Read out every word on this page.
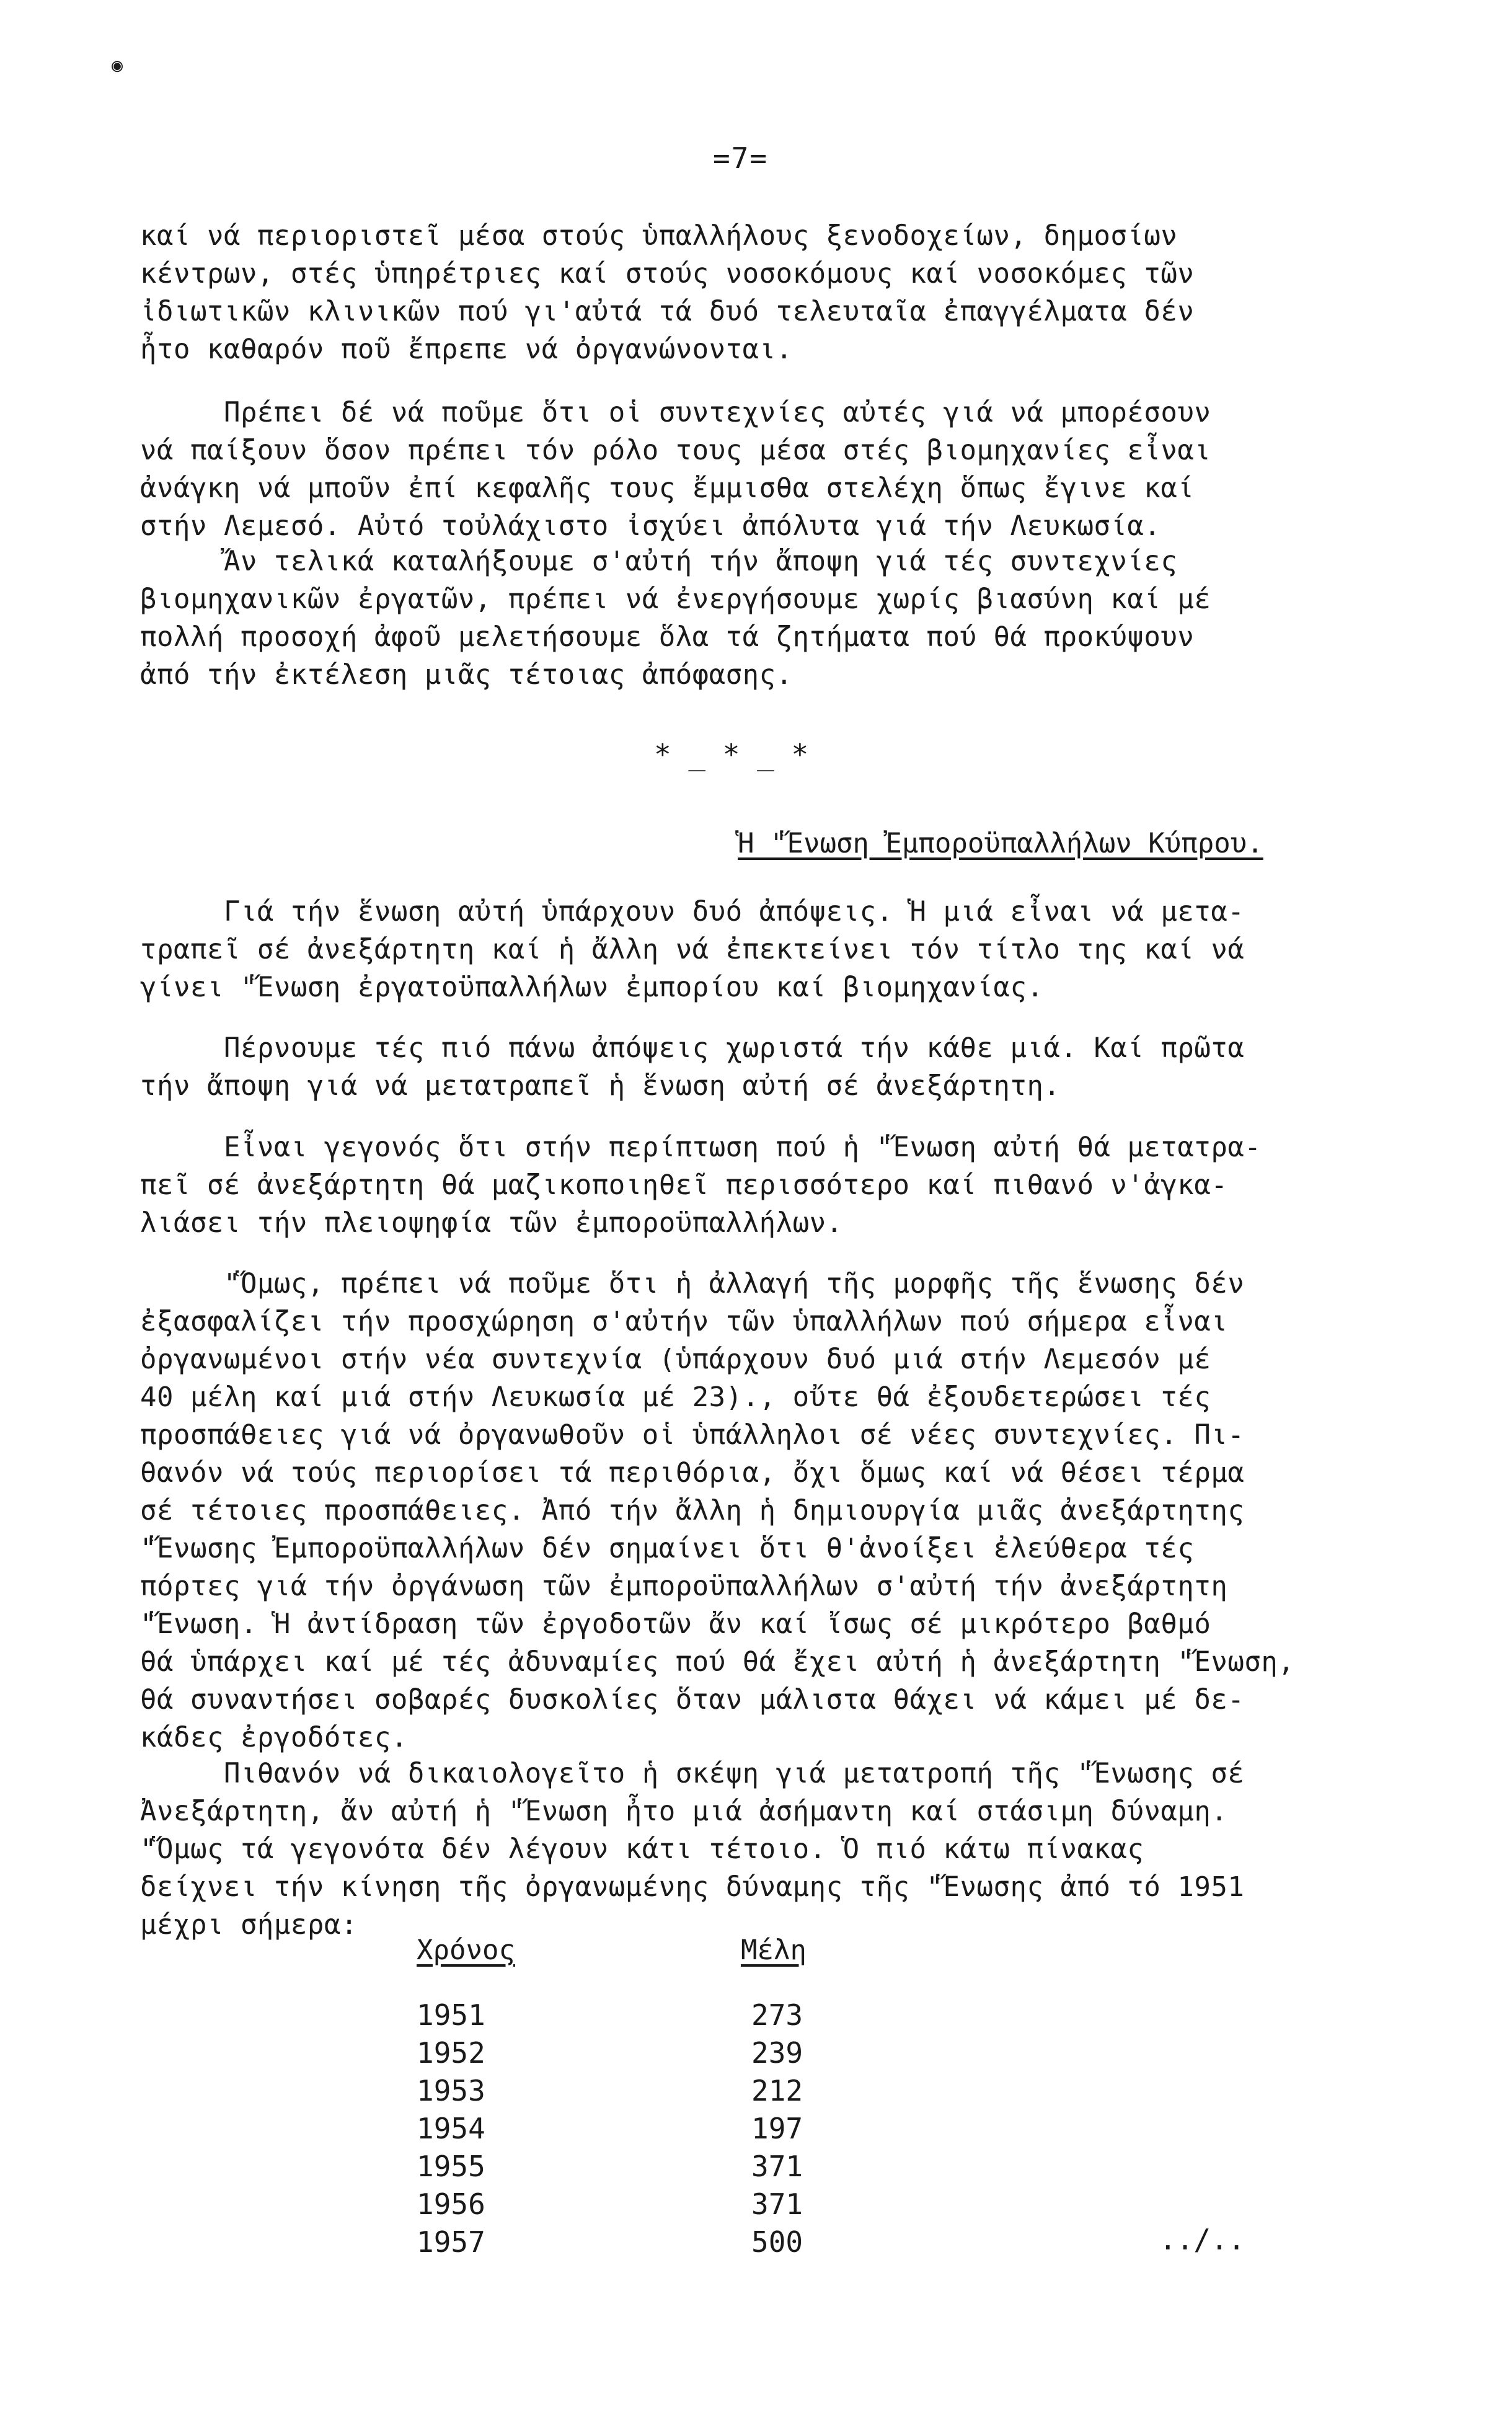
◉
=7=
καί νά περιοριστεῖ μέσα στούς ὑπαλλήλους ξενοδοχείων, δημοσίων
κέντρων, στές ὑπηρέτριες καί στούς νοσοκόμους καί νοσοκόμες τῶν
ἰδιωτικῶν κλινικῶν πού γι'αὐτά τά δυό τελευταῖα ἐπαγγέλματα δέν
ἦτο καθαρόν ποῦ ἔπρεπε νά ὀργανώνονται.
Πρέπει δέ νά ποῦμε ὅτι οἱ συντεχνίες αὐτές γιά νά μπορέσουν
νά παίξουν ὅσον πρέπει τόν ρόλο τους μέσα στές βιομηχανίες εἶναι
ἀνάγκη νά μποῦν ἐπί κεφαλῆς τους ἔμμισθα στελέχη ὅπως ἔγινε καί
στήν Λεμεσό. Αὐτό τοὐλάχιστο ἰσχύει ἀπόλυτα γιά τήν Λευκωσία.
Ἄν τελικά καταλήξουμε σ'αὐτή τήν ἄποψη γιά τές συντεχνίες
βιομηχανικῶν ἐργατῶν, πρέπει νά ἐνεργήσουμε χωρίς βιασύνη καί μέ
πολλή προσοχή ἀφοῦ μελετήσουμε ὅλα τά ζητήματα πού θά προκύψουν
ἀπό τήν ἐκτέλεση μιᾶς τέτοιας ἀπόφασης.
* _ * _ *
Ἡ "Ἕνωση Ἐμποροϋπαλλήλων Κύπρου.
Γιά τήν ἕνωση αὐτή ὑπάρχουν δυό ἀπόψεις. Ἡ μιά εἶναι νά μετα-
τραπεῖ σέ ἀνεξάρτητη καί ἡ ἄλλη νά ἐπεκτείνει τόν τίτλο της καί νά
γίνει "Ἕνωση ἐργατοϋπαλλήλων ἐμπορίου καί βιομηχανίας.
Πέρνουμε τές πιό πάνω ἀπόψεις χωριστά τήν κάθε μιά. Καί πρῶτα
τήν ἄποψη γιά νά μετατραπεῖ ἡ ἕνωση αὐτή σέ ἀνεξάρτητη.
Εἶναι γεγονός ὅτι στήν περίπτωση πού ἡ "Ἕνωση αὐτή θά μετατρα-
πεῖ σέ ἀνεξάρτητη θά μαζικοποιηθεῖ περισσότερο καί πιθανό ν'ἀγκα-
λιάσει τήν πλειοψηφία τῶν ἐμποροϋπαλλήλων.
"Ὅμως, πρέπει νά ποῦμε ὅτι ἡ ἀλλαγή τῆς μορφῆς τῆς ἕνωσης δέν
ἐξασφαλίζει τήν προσχώρηση σ'αὐτήν τῶν ὑπαλλήλων πού σήμερα εἶναι
ὀργανωμένοι στήν νέα συντεχνία (ὑπάρχουν δυό μιά στήν Λεμεσόν μέ
40 μέλη καί μιά στήν Λευκωσία μέ 23)., οὔτε θά ἐξουδετερώσει τές
προσπάθειες γιά νά ὀργανωθοῦν οἱ ὑπάλληλοι σέ νέες συντεχνίες. Πι-
θανόν νά τούς περιορίσει τά περιθόρια, ὄχι ὅμως καί νά θέσει τέρμα
σέ τέτοιες προσπάθειες. Ἀπό τήν ἄλλη ἡ δημιουργία μιᾶς ἀνεξάρτητης
"Ἕνωσης Ἐμποροϋπαλλήλων δέν σημαίνει ὅτι θ'ἀνοίξει ἐλεύθερα τές
πόρτες γιά τήν ὀργάνωση τῶν ἐμποροϋπαλλήλων σ'αὐτή τήν ἀνεξάρτητη
"Ἕνωση. Ἡ ἀντίδραση τῶν ἐργοδοτῶν ἄν καί ἴσως σέ μικρότερο βαθμό
θά ὑπάρχει καί μέ τές ἀδυναμίες πού θά ἔχει αὐτή ἡ ἀνεξάρτητη "Ἕνωση,
θά συναντήσει σοβαρές δυσκολίες ὅταν μάλιστα θάχει νά κάμει μέ δε-
κάδες ἐργοδότες.
Πιθανόν νά δικαιολογεῖτο ἡ σκέψη γιά μετατροπή τῆς "Ἕνωσης σέ
Ἀνεξάρτητη, ἄν αὐτή ἡ "Ἕνωση ἦτο μιά ἀσήμαντη καί στάσιμη δύναμη.
"Ὅμως τά γεγονότα δέν λέγουν κάτι τέτοιο. Ὁ πιό κάτω πίνακας
δείχνει τήν κίνηση τῆς ὀργανωμένης δύναμης τῆς "Ἕνωσης ἀπό τό 1951
μέχρι σήμερα:
Χρόνος	Μέλη
1951	273
1952	239
1953	212
1954	197
1955	371
1956	371
1957	500	../..
